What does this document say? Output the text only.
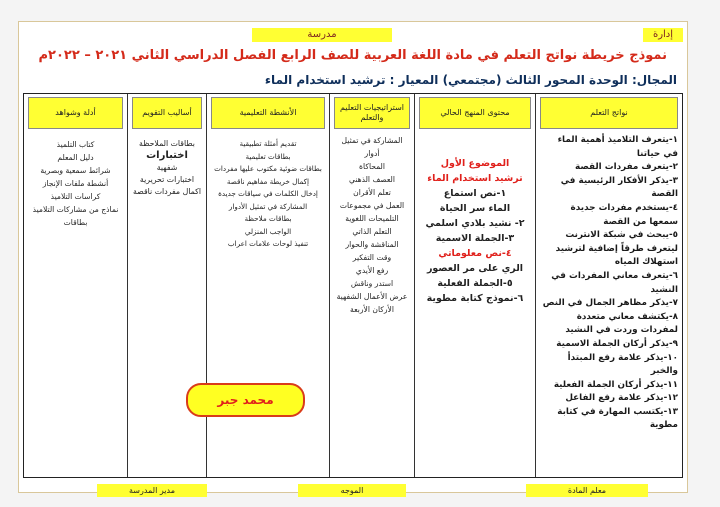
مدرسة	إدارة
نموذج خريطة نواتج التعلم في مادة اللغة العربية للصف الرابع الفصل الدراسي الثاني ٢٠٢١ – ٢٠٢٢م
المجال: الوحدة المحور الثالث (مجتمعي) المعيار : ترشيد استخدام الماء
نواتج التعلم
١-يتعرف التلاميذ أهمية الماء في حياتنا
٢-يتعرف مفردات القصة
٣-يذكر الأفكار الرئيسية في القصة
٤-يستخدم مفردات جديدة سمعها من القصة
٥-يبحث في شبكة الانترنت ليتعرف طرقاً إضافية لترشيد استهلاك المياه
٦-يتعرف معاني المفردات في النشيد
٧-يذكر مظاهر الجمال في النص
٨-يكتشف معاني متعددة لمفردات وردت في النشيد
٩-يذكر أركان الجملة الاسمية
١٠-يذكر علامة رفع المبتدأ والخبر
١١-يذكر أركان الجملة الفعلية
١٢-يذكر علامة رفع الفاعل
١٣-يكتسب المهارة في كتابة مطوية
محتوى المنهج الحالي
الموضوع الأول
ترشيد استخدام الماء
١-نص استماع
الماء سر الحياة
٢- نشيد بلادي اسلمي
٣-الجملة الاسمية
٤-نص معلوماتي
الري على مر العصور
٥-الجملة الفعلية
٦-نموذج كتابة مطوية
استراتيجيات التعليم والتعلم
المشاركة في تمثيل أدوار
المحاكاة
العصف الذهني
تعلم الأقران
العمل في مجموعات
التلميحات اللغوية
التعلم الذاتي
المناقشة والحوار
وقت التفكير
رفع الأيدي
استدر وناقش
عرض الأعمال الشفهية
الأركان الأربعة
الأنشطة التعليمية
تقديم أمثلة تطبيقية
بطاقات تعليمية
بطاقات ضوئية مكتوب عليها مفردات
إكمال خريطة مفاهيم ناقصة
إدخال الكلمات في سياقات جديدة
المشاركة في تمثيل الأدوار
بطاقات ملاحظة
الواجب المنزلي
تنفيذ لوحات علامات اعراب
أساليب التقويم
بطاقات الملاحظة
اختبارات
شفهية
اختبارات تحريرية
اكمال مفردات ناقصة
أدلة وشواهد
كتاب التلميذ
دليل المعلم
شرائط سمعية وبصرية
أنشطة ملفات الإنجاز
كراسات التلاميذ
نماذج من مشاركات التلاميذ
بطاقات
محمد جبر
معلم المادة
الموجه
مدير المدرسة
